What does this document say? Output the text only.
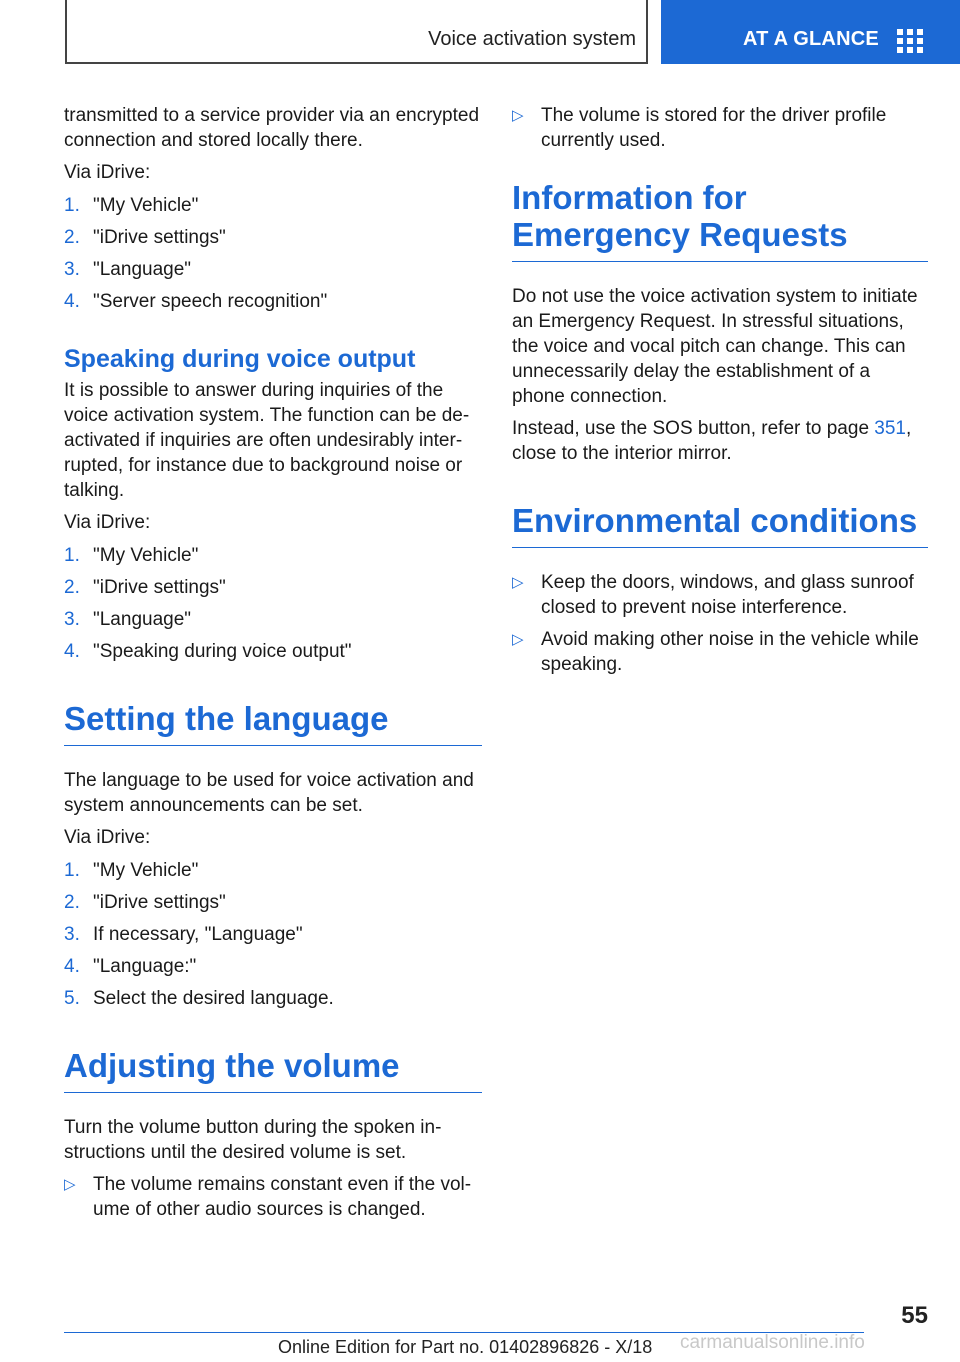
Voice activation system	AT A GLANCE

transmitted to a service provider via an encrypted connection and stored locally there.

Via iDrive:

1. "My Vehicle"
2. "iDrive settings"
3. "Language"
4. "Server speech recognition"
Speaking during voice output

It is possible to answer during inquiries of the voice activation system. The function can be deactivated if inquiries are often undesirably interrupted, for instance due to background noise or talking.

Via iDrive:

1. "My Vehicle"
2. "iDrive settings"
3. "Language"
4. "Speaking during voice output"
Setting the language

The language to be used for voice activation and system announcements can be set.

Via iDrive:

1. "My Vehicle"
2. "iDrive settings"
3. If necessary, "Language"
4. "Language:"
5. Select the desired language.
Adjusting the volume

Turn the volume button during the spoken instructions until the desired volume is set.

▷ The volume remains constant even if the volume of other audio sources is changed.
▷ The volume is stored for the driver profile currently used.
Information for Emergency Requests

Do not use the voice activation system to initiate an Emergency Request. In stressful situations, the voice and vocal pitch can change. This can unnecessarily delay the establishment of a phone connection.

Instead, use the SOS button, refer to page 351, close to the interior mirror.

Environmental conditions
▷ Keep the doors, windows, and glass sunroof closed to prevent noise interference.
▷ Avoid making other noise in the vehicle while speaking.
55
Online Edition for Part no. 01402896826 - X/18 carmanualsonline.info
